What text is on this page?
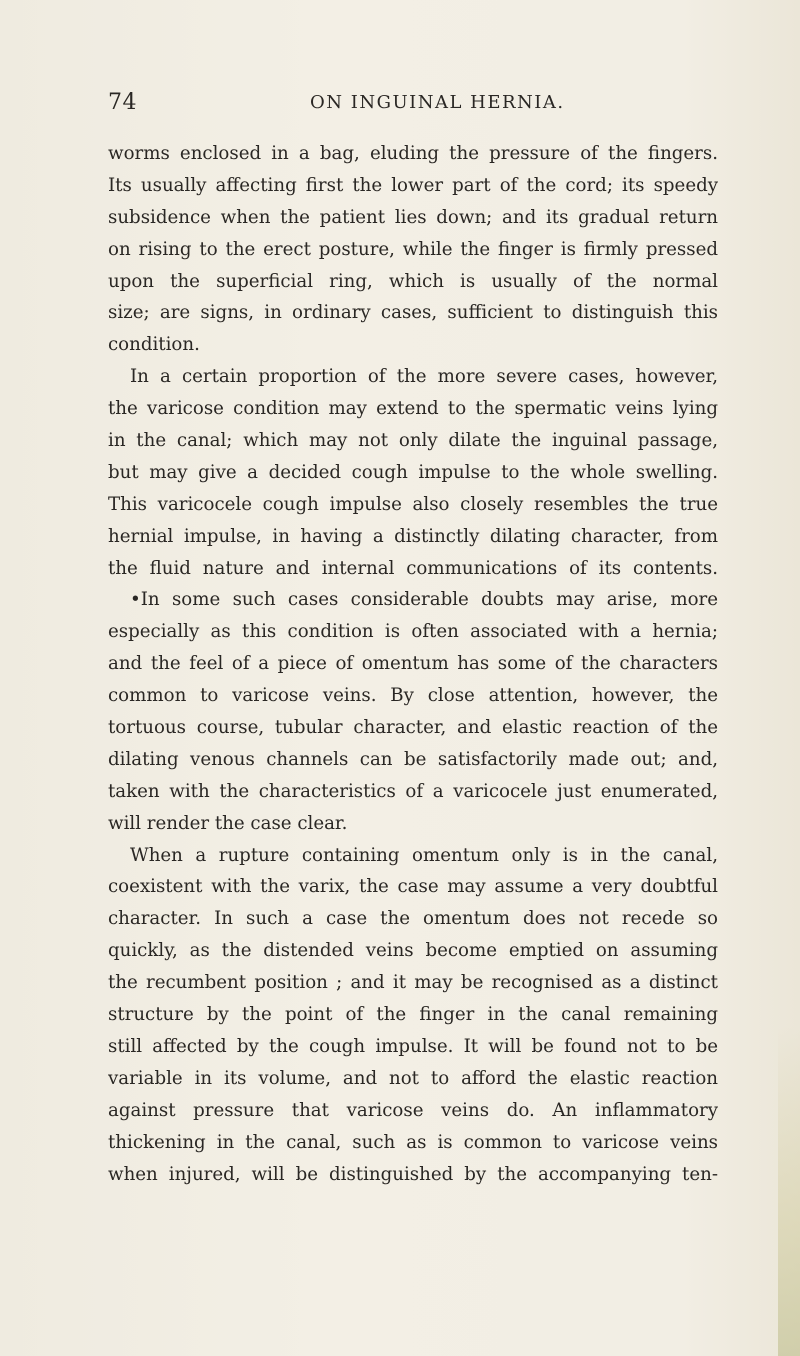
74	ON INGUINAL HERNIA.
worms enclosed in a bag, eluding the pressure of the fingers.
Its usually affecting first the lower part of the cord; its speedy
subsidence when the patient lies down; and its gradual return
on rising to the erect posture, while the finger is firmly pressed
upon the superficial ring, which is usually of the normal
size; are signs, in ordinary cases, sufficient to distinguish this
condition.
In a certain proportion of the more severe cases, however,
the varicose condition may extend to the spermatic veins lying
in the canal; which may not only dilate the inguinal passage,
but may give a decided cough impulse to the whole swelling.
This varicocele cough impulse also closely resembles the true
hernial impulse, in having a distinctly dilating character, from
the fluid nature and internal communications of its contents.
•In some such cases considerable doubts may arise, more
especially as this condition is often associated with a hernia;
and the feel of a piece of omentum has some of the characters
common to varicose veins. By close attention, however, the
tortuous course, tubular character, and elastic reaction of the
dilating venous channels can be satisfactorily made out; and,
taken with the characteristics of a varicocele just enumerated,
will render the case clear.
When a rupture containing omentum only is in the canal,
coexistent with the varix, the case may assume a very doubtful
character. In such a case the omentum does not recede so
quickly, as the distended veins become emptied on assuming
the recumbent position ; and it may be recognised as a distinct
structure by the point of the finger in the canal remaining
still affected by the cough impulse. It will be found not to be
variable in its volume, and not to afford the elastic reaction
against pressure that varicose veins do. An inflammatory
thickening in the canal, such as is common to varicose veins
when injured, will be distinguished by the accompanying ten-
